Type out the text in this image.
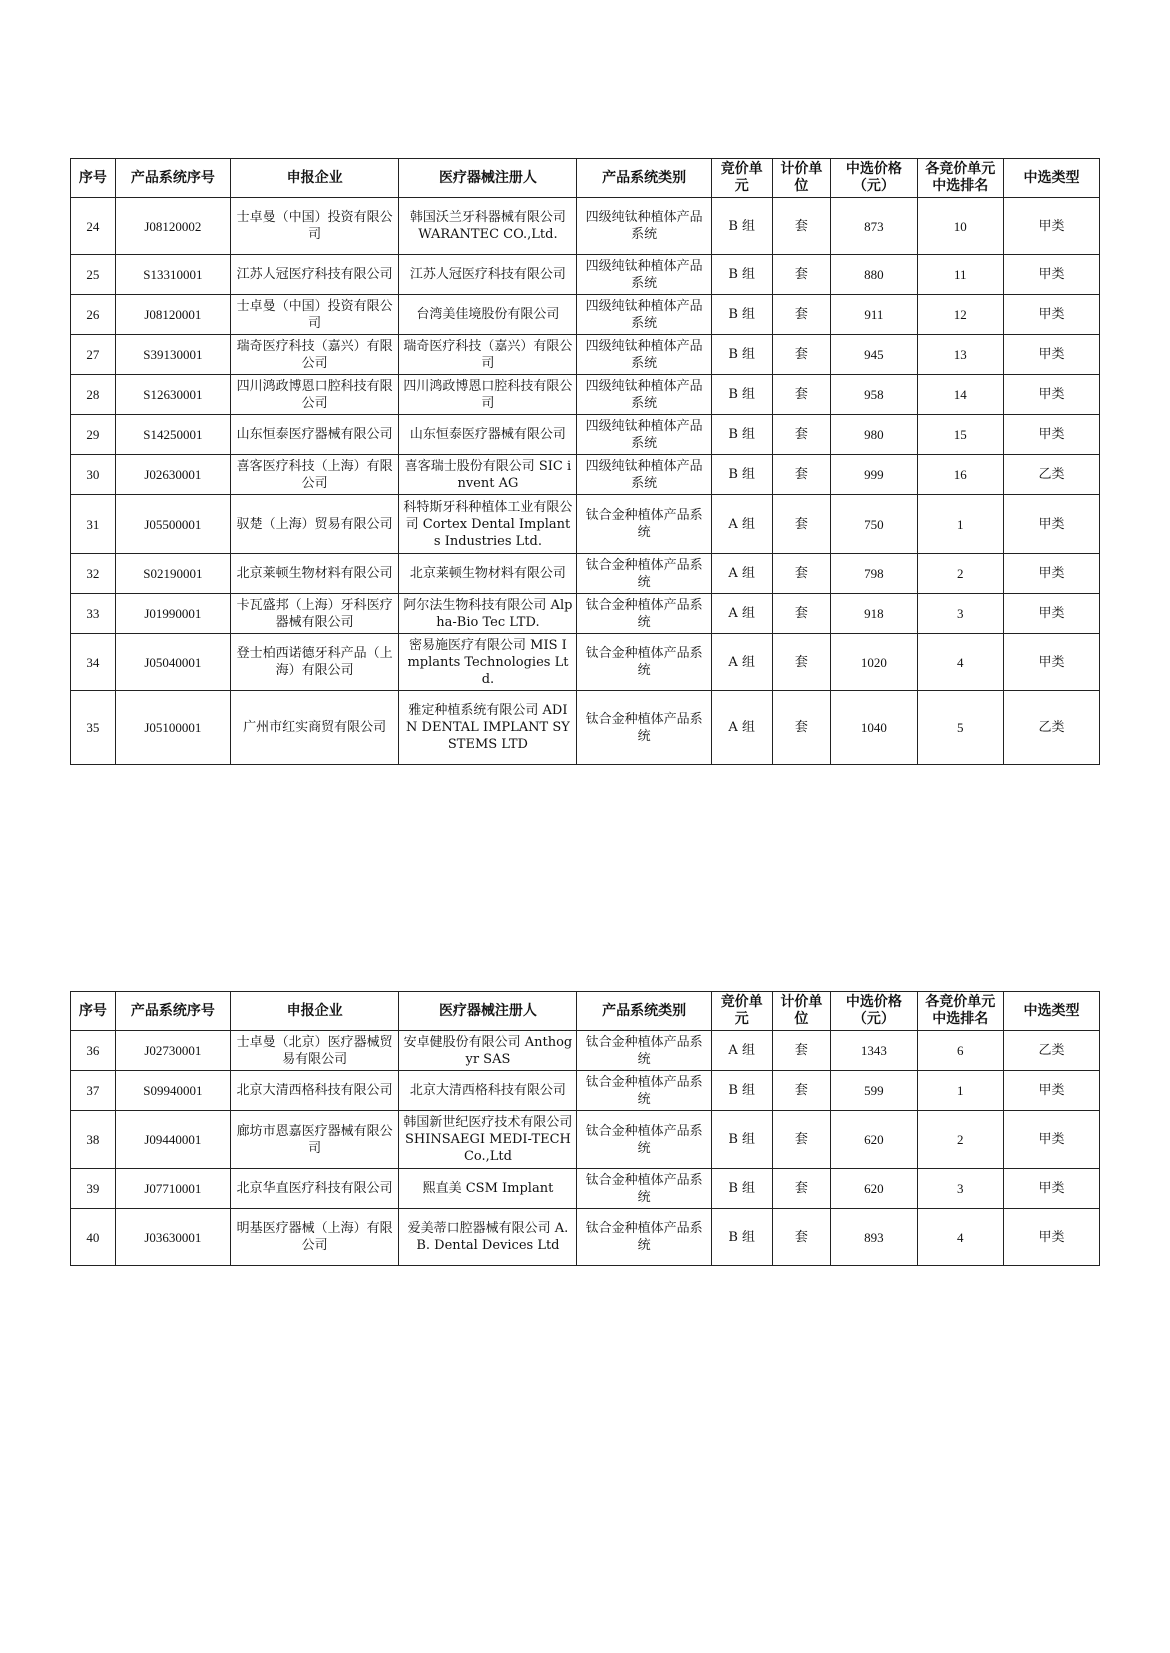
序号	产品系统序号	申报企业	医疗器械注册人	产品系统类别	竞价单元	计价单位	中选价格（元）	各竞价单元中选排名	中选类型
24	J08120002	士卓曼（中国）投资有限公司	韩国沃兰牙科器械有限公司 WARANTEC CO.,Ltd.	四级纯钛种植体产品系统	B 组	套	873	10	甲类
25	S13310001	江苏人冠医疗科技有限公司	江苏人冠医疗科技有限公司	四级纯钛种植体产品系统	B 组	套	880	11	甲类
26	J08120001	士卓曼（中国）投资有限公司	台湾美佳境股份有限公司	四级纯钛种植体产品系统	B 组	套	911	12	甲类
27	S39130001	瑞奇医疗科技（嘉兴）有限公司	瑞奇医疗科技（嘉兴）有限公司	四级纯钛种植体产品系统	B 组	套	945	13	甲类
28	S12630001	四川鸿政博恩口腔科技有限公司	四川鸿政博恩口腔科技有限公司	四级纯钛种植体产品系统	B 组	套	958	14	甲类
29	S14250001	山东恒泰医疗器械有限公司	山东恒泰医疗器械有限公司	四级纯钛种植体产品系统	B 组	套	980	15	甲类
30	J02630001	喜客医疗科技（上海）有限公司	喜客瑞士股份有限公司 SIC invent AG	四级纯钛种植体产品系统	B 组	套	999	16	乙类
31	J05500001	驭楚（上海）贸易有限公司	科特斯牙科种植体工业有限公司 Cortex Dental Implants Industries Ltd.	钛合金种植体产品系统	A 组	套	750	1	甲类
32	S02190001	北京莱顿生物材料有限公司	北京莱顿生物材料有限公司	钛合金种植体产品系统	A 组	套	798	2	甲类
33	J01990001	卡瓦盛邦（上海）牙科医疗器械有限公司	阿尔法生物科技有限公司 Alpha-Bio Tec LTD.	钛合金种植体产品系统	A 组	套	918	3	甲类
34	J05040001	登士柏西诺德牙科产品（上海）有限公司	密易施医疗有限公司 MIS Implants Technologies Ltd.	钛合金种植体产品系统	A 组	套	1020	4	甲类
35	J05100001	广州市红实商贸有限公司	雅定种植系统有限公司 ADIN DENTAL IMPLANT SYSTEMS LTD	钛合金种植体产品系统	A 组	套	1040	5	乙类
序号	产品系统序号	申报企业	医疗器械注册人	产品系统类别	竞价单元	计价单位	中选价格（元）	各竞价单元中选排名	中选类型
36	J02730001	士卓曼（北京）医疗器械贸易有限公司	安卓健股份有限公司 Anthogyr SAS	钛合金种植体产品系统	A 组	套	1343	6	乙类
37	S09940001	北京大清西格科技有限公司	北京大清西格科技有限公司	钛合金种植体产品系统	B 组	套	599	1	甲类
38	J09440001	廊坊市恩嘉医疗器械有限公司	韩国新世纪医疗技术有限公司 SHINSAEGI MEDI-TECH Co.,Ltd	钛合金种植体产品系统	B 组	套	620	2	甲类
39	J07710001	北京华直医疗科技有限公司	熙直美 CSM Implant	钛合金种植体产品系统	B 组	套	620	3	甲类
40	J03630001	明基医疗器械（上海）有限公司	爱美蒂口腔器械有限公司 A.B. Dental Devices Ltd	钛合金种植体产品系统	B 组	套	893	4	甲类
